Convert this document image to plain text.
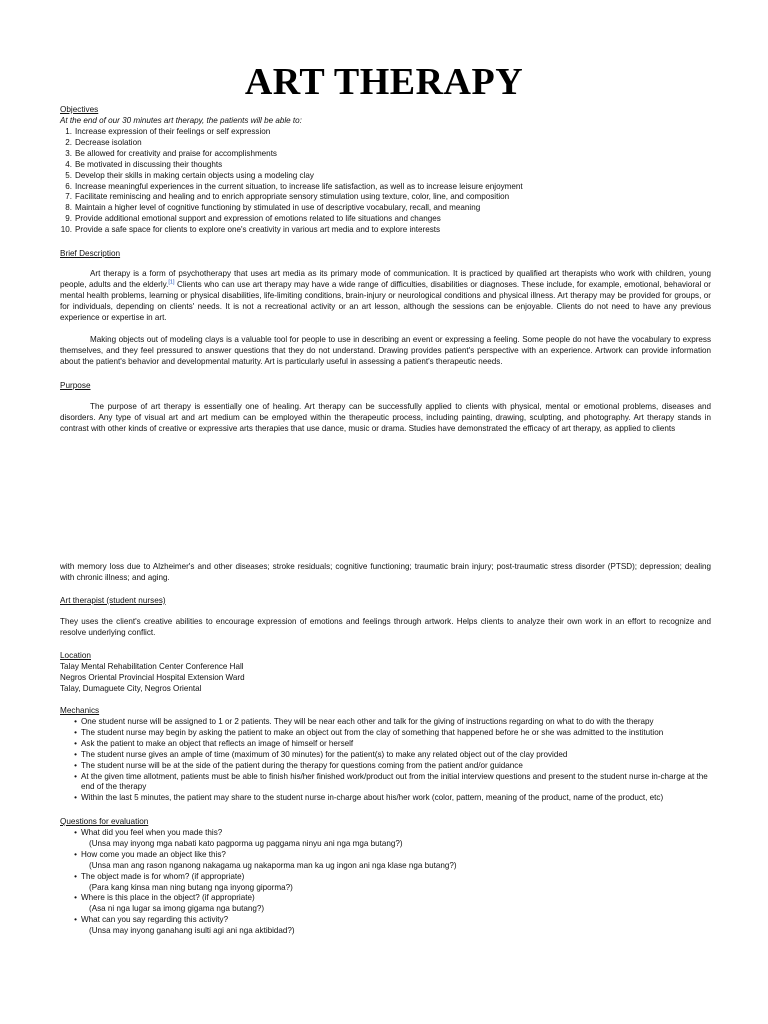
ART THERAPY
Objectives
At the end of our 30 minutes art therapy, the patients will be able to:
1. Increase expression of their feelings or self expression
2. Decrease isolation
3. Be allowed for creativity and praise for accomplishments
4. Be motivated in discussing their thoughts
5. Develop their skills in making certain objects using a modeling clay
6. Increase meaningful experiences in the current situation, to increase life satisfaction, as well as to increase leisure enjoyment
7. Facilitate reminiscing and healing and to enrich appropriate sensory stimulation using texture, color, line, and composition
8. Maintain a higher level of cognitive functioning by stimulated in use of descriptive vocabulary, recall, and meaning
9. Provide additional emotional support and expression of emotions related to life situations and changes
10. Provide a safe space for clients to explore one's creativity in various art media and to explore interests
Brief Description
Art therapy is a form of psychotherapy that uses art media as its primary mode of communication. It is practiced by qualified art therapists who work with children, young people, adults and the elderly.[1] Clients who can use art therapy may have a wide range of difficulties, disabilities or diagnoses. These include, for example, emotional, behavioral or mental health problems, learning or physical disabilities, life-limiting conditions, brain-injury or neurological conditions and physical illness. Art therapy may be provided for groups, or for individuals, depending on clients' needs. It is not a recreational activity or an art lesson, although the sessions can be enjoyable. Clients do not need to have any previous experience or expertise in art.
Making objects out of modeling clays is a valuable tool for people to use in describing an event or expressing a feeling. Some people do not have the vocabulary to express themselves, and they feel pressured to answer questions that they do not understand. Drawing provides patient's perspective with an experience. Artwork can provide information about the patient's behavior and developmental maturity. Art is particularly useful in assessing a patient's therapeutic needs.
Purpose
The purpose of art therapy is essentially one of healing. Art therapy can be successfully applied to clients with physical, mental or emotional problems, diseases and disorders. Any type of visual art and art medium can be employed within the therapeutic process, including painting, drawing, sculpting, and photography. Art therapy stands in contrast with other kinds of creative or expressive arts therapies that use dance, music or drama. Studies have demonstrated the efficacy of art therapy, as applied to clients
with memory loss due to Alzheimer's and other diseases; stroke residuals; cognitive functioning; traumatic brain injury; post-traumatic stress disorder (PTSD); depression; dealing with chronic illness; and aging.
Art therapist (student nurses)
They uses the client's creative abilities to encourage expression of emotions and feelings through artwork. Helps clients to analyze their own work in an effort to recognize and resolve underlying conflict.
Location
Talay Mental Rehabilitation Center Conference Hall
Negros Oriental Provincial Hospital Extension Ward
Talay, Dumaguete City, Negros Oriental
Mechanics
• One student nurse will be assigned to 1 or 2 patients. They will be near each other and talk for the giving of instructions regarding on what to do with the therapy
• The student nurse may begin by asking the patient to make an object out from the clay of something that happened before he or she was admitted to the institution
• Ask the patient to make an object that reflects an image of himself or herself
• The student nurse gives an ample of time (maximum of 30 minutes) for the patient(s) to make any related object out of the clay provided
• The student nurse will be at the side of the patient during the therapy for questions coming from the patient and/or guidance
• At the given time allotment, patients must be able to finish his/her finished work/product out from the initial interview questions and present to the student nurse in-charge at the end of the therapy
• Within the last 5 minutes, the patient may share to the student nurse in-charge about his/her work (color, pattern, meaning of the product, name of the product, etc)
Questions for evaluation
• What did you feel when you made this?
(Unsa may inyong mga nabati kato pagporma ug paggama ninyu ani nga mga butang?)
• How come you made an object like this?
(Unsa man ang rason nganong nakagama ug nakaporma man ka ug ingon ani nga klase nga butang?)
• The object made is for whom? (if appropriate)
(Para kang kinsa man ning butang nga inyong giporma?)
• Where is this place in the object? (if appropriate)
(Asa ni nga lugar sa imong gigama nga butang?)
• What can you say regarding this activity?
(Unsa may inyong ganahang isulti agi ani nga aktibidad?)
